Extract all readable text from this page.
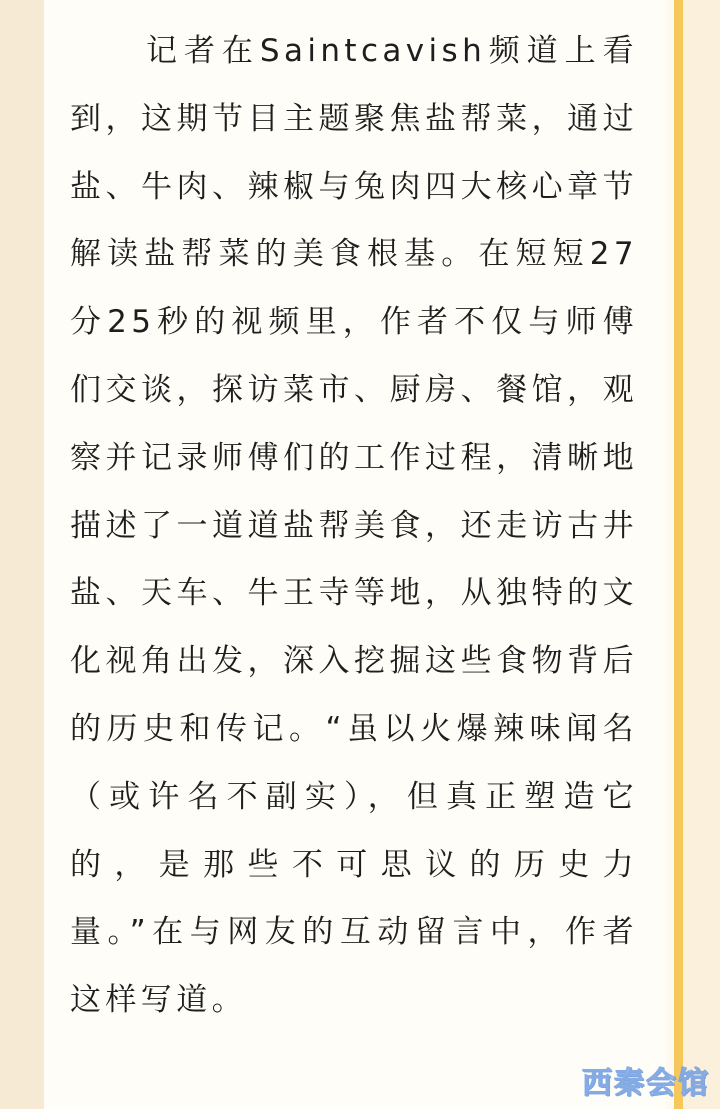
记者在Saintcavish频道上看到，这期节目主题聚焦盐帮菜，通过盐、牛肉、辣椒与兔肉四大核心章节解读盐帮菜的美食根基。在短短27分25秒的视频里，作者不仅与师傅们交谈，探访菜市、厨房、餐馆，观察并记录师傅们的工作过程，清晰地描述了一道道盐帮美食，还走访古井盐、天车、牛王寺等地，从独特的文化视角出发，深入挖掘这些食物背后的历史和传记。“虽以火爆辣味闻名（或许名不副实），但真正塑造它的，是那些不可思议的历史力量。”在与网友的互动留言中，作者这样写道。

西秦会馆
